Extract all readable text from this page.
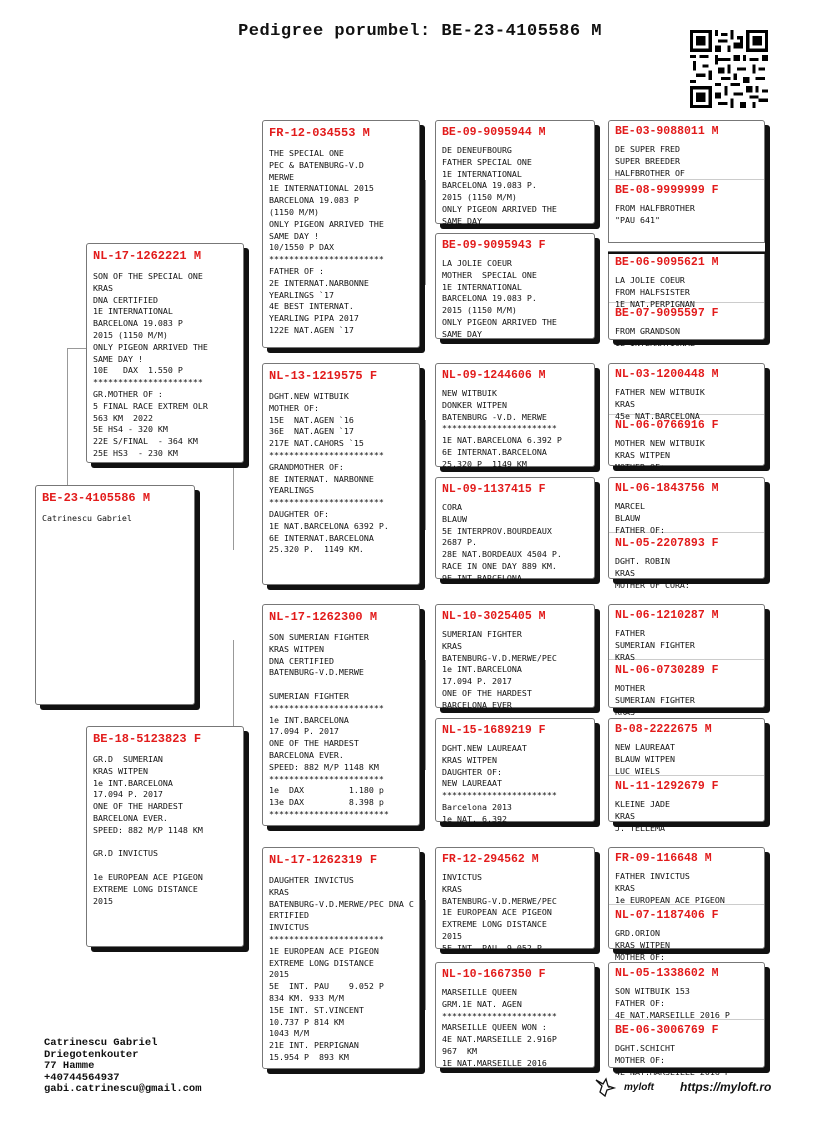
Pedigree porumbel: BE-23-4105586 M
BE-23-4105586 M
Catrinescu Gabriel
NL-17-1262221 M
SON OF THE SPECIAL ONE
KRAS
DNA CERTIFIED
1E INTERNATIONAL
BARCELONA 19.083 P
2015 (1150 M/M)
ONLY PIGEON ARRIVED THE
SAME DAY !
10E   DAX  1.550 P
**********************
GR.MOTHER OF :
5 FINAL RACE EXTREM OLR
563 KM  2022
5E HS4 - 320 KM
22E S/FINAL  - 364 KM
25E HS3  - 230 KM
BE-18-5123823 F
GR.D  SUMERIAN
KRAS WITPEN
1e INT.BARCELONA
17.094 P. 2017
ONE OF THE HARDEST
BARCELONA EVER.
SPEED: 882 M/P 1148 KM

GR.D INVICTUS

1e EUROPEAN ACE PIGEON
EXTREME LONG DISTANCE
2015
FR-12-034553 M
THE SPECIAL ONE
PEC & BATENBURG-V.D
MERWE
1E INTERNATIONAL 2015
BARCELONA 19.083 P
(1150 M/M)
ONLY PIGEON ARRIVED THE
SAME DAY !
10/1550 P DAX
***********************
FATHER OF :
2E INTERNAT.NARBONNE
YEARLINGS `17
4E BEST INTERNAT.
YEARLING PIPA 2017
122E NAT.AGEN `17
NL-13-1219575 F
DGHT.NEW WITBUIK
MOTHER OF:
15E  NAT.AGEN `16
36E  NAT.AGEN `17
217E NAT.CAHORS `15
***********************
GRANDMOTHER OF:
8E INTERNAT. NARBONNE
YEARLINGS
***********************
DAUGHTER OF:
1E NAT.BARCELONA 6392 P.
6E INTERNAT.BARCELONA
25.320 P.  1149 KM.
NL-17-1262300 M
SON SUMERIAN FIGHTER
KRAS WITPEN
DNA CERTIFIED
BATENBURG-V.D.MERWE

SUMERIAN FIGHTER
***********************
1e INT.BARCELONA
17.094 P. 2017
ONE OF THE HARDEST
BARCELONA EVER.
SPEED: 882 M/P 1148 KM
***********************
1e  DAX         1.180 p
13e DAX         8.398 p
************************
NL-17-1262319 F
DAUGHTER INVICTUS
KRAS
BATENBURG-V.D.MERWE/PEC DNA C
ERTIFIED
INVICTUS
***********************
1E EUROPEAN ACE PIGEON
EXTREME LONG DISTANCE
2015
5E  INT. PAU    9.052 P
834 KM. 933 M/M
15E INT. ST.VINCENT
10.737 P 814 KM
1043 M/M
21E INT. PERPIGNAN
15.954 P  893 KM
BE-09-9095944 M
DE DENEUFBOURG
FATHER SPECIAL ONE
1E INTERNATIONAL
BARCELONA 19.083 P.
2015 (1150 M/M)
ONLY PIGEON ARRIVED THE
SAME DAY
BE-09-9095943 F
LA JOLIE COEUR
MOTHER  SPECIAL ONE
1E INTERNATIONAL
BARCELONA 19.083 P.
2015 (1150 M/M)
ONLY PIGEON ARRIVED THE
SAME DAY
NL-09-1244606 M
NEW WITBUIK
DONKER WITPEN
BATENBURG -V.D. MERWE
***********************
1E NAT.BARCELONA 6.392 P
6E INTERNAT.BARCELONA
25.320 P  1149 KM
NL-09-1137415 F
CORA
BLAUW
5E INTERPROV.BOURDEAUX
2687 P.
28E NAT.BORDEAUX 4504 P.
RACE IN ONE DAY 889 KM.
9E INT.BARCELONA
NL-10-3025405 M
SUMERIAN FIGHTER
KRAS
BATENBURG-V.D.MERWE/PEC
1e INT.BARCELONA
17.094 P. 2017
ONE OF THE HARDEST
BARCELONA EVER
NL-15-1689219 F
DGHT.NEW LAUREAAT
KRAS WITPEN
DAUGHTER OF:
NEW LAUREAAT
***********************
Barcelona 2013
1e NAT. 6.392
FR-12-294562 M
INVICTUS
KRAS
BATENBURG-V.D.MERWE/PEC
1E EUROPEAN ACE PIGEON
EXTREME LONG DISTANCE
2015
5E INT. PAU  9.052 P
NL-10-1667350 F
MARSEILLE QUEEN
GRM.1E NAT. AGEN
***********************
MARSEILLE QUEEN WON :
4E NAT.MARSEILLE 2.916P
967  KM
1E NAT.MARSEILLE 2016
BE-03-9088011 M
DE SUPER FRED
SUPER BREEDER
HALFBROTHER OF
BE-08-9999999 F
FROM HALFBROTHER
"PAU 641"
BE-06-9095621 M
LA JOLIE COEUR
FROM HALFSISTER
1E NAT.PERPIGNAN
BE-07-9095597 F
FROM GRANDSON
1E INTERNATIONAL
NL-03-1200448 M
FATHER NEW WITBUIK
KRAS
45e NAT.BARCELONA
NL-06-0766916 F
MOTHER NEW WITBUIK
KRAS WITPEN
MOTHER OF:
NL-06-1843756 M
MARCEL
BLAUW
FATHER OF:
NL-05-2207893 F
DGHT. ROBIN
KRAS
MOTHER OF CORA:
NL-06-1210287 M
FATHER
SUMERIAN FIGHTER
KRAS
NL-06-0730289 F
MOTHER
SUMERIAN FIGHTER
KRAS
B-08-2222675 M
NEW LAUREAAT
BLAUW WITPEN
LUC WIELS
NL-11-1292679 F
KLEINE JADE
KRAS
J. TELLEMA
FR-09-116648 M
FATHER INVICTUS
KRAS
1e EUROPEAN ACE PIGEON
NL-07-1187406 F
GRD.ORION
KRAS WITPEN
MOTHER OF:
NL-05-1338602 M
SON WITBUIK 153
FATHER OF:
4E NAT.MARSEILLE 2016 P
BE-06-3006769 F
DGHT.SCHICHT
MOTHER OF:
4E NAT.MARSEILLE 2016 P
Catrinescu Gabriel
Driegotenkouter
77 Hamme
+40744564937
gabi.catrinescu@gmail.com	myloft https://myloft.ro
